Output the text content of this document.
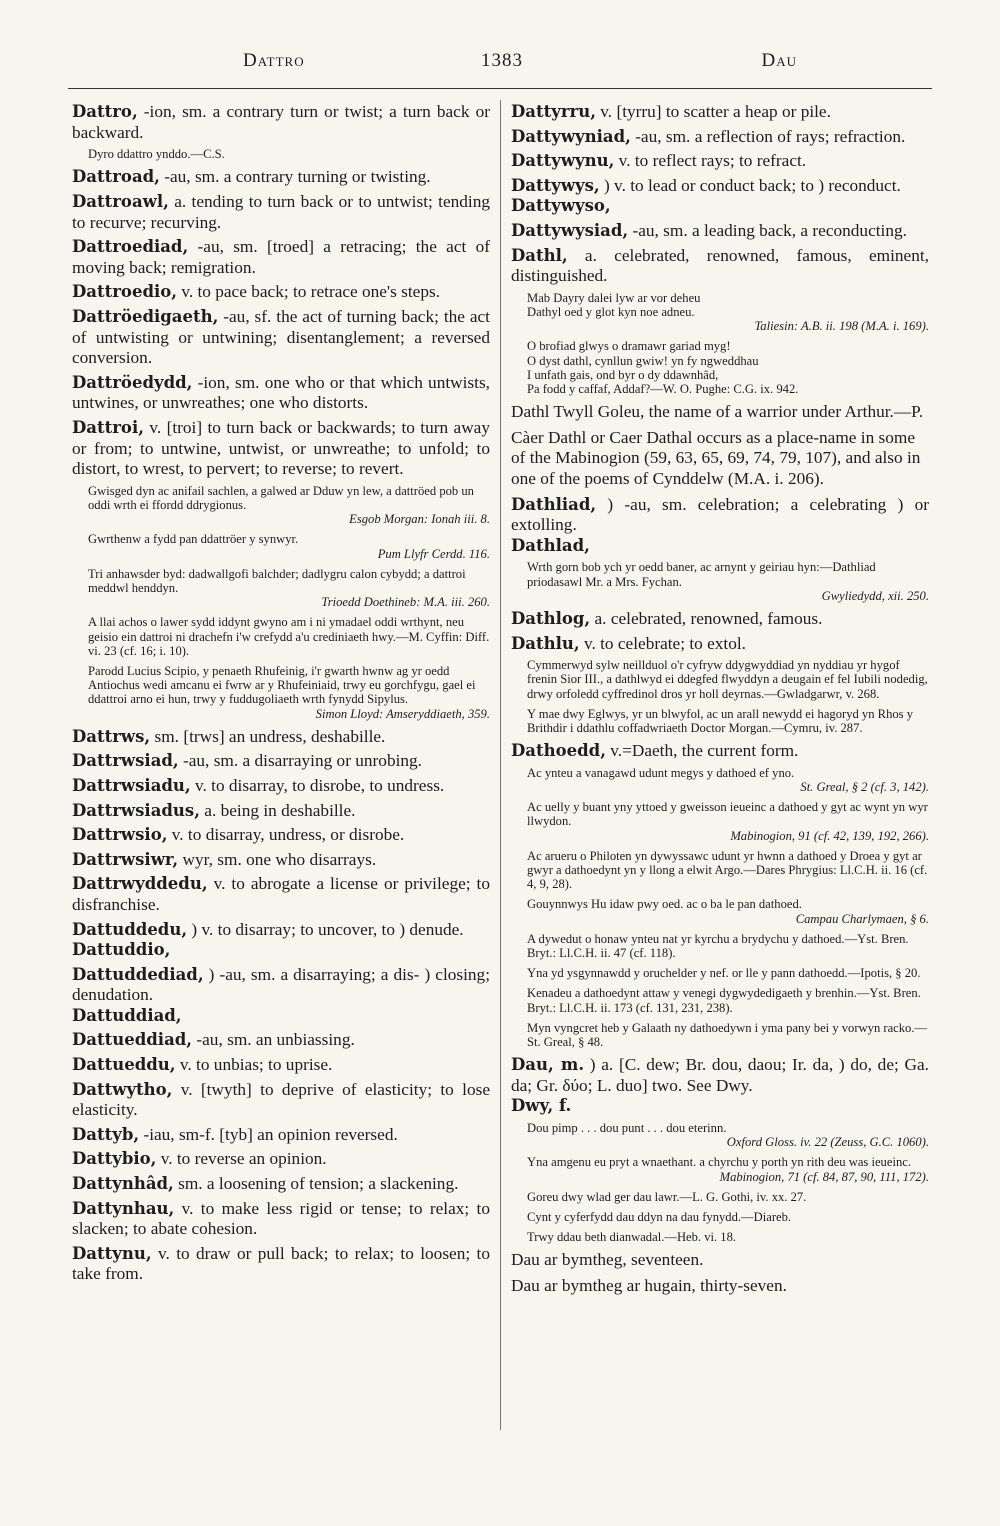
Dattro	1383	Dau
Dattro, -ion, sm. a contrary turn or twist; a turn back or backward.
Dyro ddattro ynddo.—C.S.
Dattroad, -au, sm. a contrary turning or twisting.
Dattroawl, a. tending to turn back or to untwist; tending to recurve; recurving.
Dattroediad, -au, sm. [troed] a retracing; the act of moving back; remigration.
Dattroedio, v. to pace back; to retrace one's steps.
Dattröedigaeth, -au, sf. the act of turning back; the act of untwisting or untwining; disentanglement; a reversed conversion.
Dattröedydd, -ion, sm. one who or that which untwists, untwines, or unwreathes; one who distorts.
Dattroi, v. [troi] to turn back or backwards; to turn away or from; to untwine, untwist, or unwreathe; to unfold; to distort, to wrest, to pervert; to reverse; to revert.
Gwisged dyn ac anifail sachlen, a galwed ar Dduw yn lew, a dattröed pob un oddi wrth ei ffordd ddrygionus.
Esgob Morgan: Ionah iii. 8.
Gwrthenw a fydd pan ddattröer y synwyr.
Pum Llyfr Cerdd. 116.
Tri anhawsder byd: dadwallgofi balchder; dadlygru calon cybydd; a dattroi meddwl henddyn.
Trioedd Doethineb: M.A. iii. 260.
A llai achos o lawer sydd iddynt gwyno am i ni ymadael oddi wrthynt, neu geisio ein dattroi ni drachefn i'w crefydd a'u crediniaeth hwy.—M. Cyffin: Diff. vi. 23 (cf. 16; i. 10).
Parodd Lucius Scipio, y penaeth Rhufeinig, i'r gwarth hwnw ag yr oedd Antiochus wedi amcanu ei fwrw ar y Rhufeiniaid, trwy eu gorchfygu, gael ei ddattroi arno ei hun, trwy y fuddugoliaeth wrth fynydd Sipylus.
Simon Lloyd: Amseryddiaeth, 359.
Dattrws, sm. [trws] an undress, deshabille.
Dattrwsiad, -au, sm. a disarraying or unrobing.
Dattrwsiadu, v. to disarray, to disrobe, to undress.
Dattrwsiadus, a. being in deshabille.
Dattrwsio, v. to disarray, undress, or disrobe.
Dattrwsiwr, wyr, sm. one who disarrays.
Dattrwyddedu, v. to abrogate a license or privilege; to disfranchise.
Dattuddedu, ) v. to disarray; to uncover, to ) denude.
Dattuddio,
Dattuddediad, ) -au, sm. a disarraying; a dis- ) closing; denudation.
Dattuddiad,
Dattueddiad, -au, sm. an unbiassing.
Dattueddu, v. to unbias; to uprise.
Dattwytho, v. [twyth] to deprive of elasticity; to lose elasticity.
Dattyb, -iau, sm-f. [tyb] an opinion reversed.
Dattybio, v. to reverse an opinion.
Dattynhâd, sm. a loosening of tension; a slackening.
Dattynhau, v. to make less rigid or tense; to relax; to slacken; to abate cohesion.
Dattynu, v. to draw or pull back; to relax; to loosen; to take from.
Dattyrru, v. [tyrru] to scatter a heap or pile.
Dattywyniad, -au, sm. a reflection of rays; refraction.
Dattywynu, v. to reflect rays; to refract.
Dattywys, ) v. to lead or conduct back; to ) reconduct.
Dattywyso,
Dattywysiad, -au, sm. a leading back, a reconducting.
Dathl, a. celebrated, renowned, famous, eminent, distinguished.
Mab Dayry dalei lyw ar vor deheu
Dathyl oed y glot kyn noe adneu.
Taliesin: A.B. ii. 198 (M.A. i. 169).
O brofiad glwys o dramawr gariad myg!
O dyst dathl, cynllun gwiw! yn fy ngweddhau
I unfath gais, ond byr o dy ddawnhâd,
Pa fodd y caffaf, Addaf?—W. O. Pughe: C.G. ix. 942.
Dathl Twyll Goleu, the name of a warrior under Arthur.—P.
Càer Dathl or Caer Dathal occurs as a place-name in some of the Mabinogion (59, 63, 65, 69, 74, 79, 107), and also in one of the poems of Cynddelw (M.A. i. 206).
Dathliad, ) -au, sm. celebration; a celebrating ) or extolling.
Dathlad,
Wrth gorn bob ych yr oedd baner, ac arnynt y geiriau hyn:—Dathliad priodasawl Mr. a Mrs. Fychan.
Gwyliedydd, xii. 250.
Dathlog, a. celebrated, renowned, famous.
Dathlu, v. to celebrate; to extol.
Cymmerwyd sylw neillduol o'r cyfryw ddygwyddiad yn nyddiau yr hygof frenin Sior III., a dathlwyd ei ddegfed flwyddyn a deugain ef fel Iubili nodedig, drwy orfoledd cyffredinol dros yr holl deyrnas.—Gwladgarwr, v. 268.
Y mae dwy Eglwys, yr un blwyfol, ac un arall newydd ei hagoryd yn Rhos y Brithdir i ddathlu coffadwriaeth Doctor Morgan.—Cymru, iv. 287.
Dathoedd, v.=Daeth, the current form.
Ac ynteu a vanagawd udunt megys y dathoed ef yno.
St. Greal, § 2 (cf. 3, 142).
Ac uelly y buant yny yttoed y gweisson ieueinc a dathoed y gyt ac wynt yn wyr llwydon.
Mabinogion, 91 (cf. 42, 139, 192, 266).
Ac arueru o Philoten yn dywyssawc udunt yr hwnn a dathoed y Droea y gyt ar gwyr a dathoedynt yn y llong a elwit Argo.—Dares Phrygius: Ll.C.H. ii. 16 (cf. 4, 9, 28).
Gouynnwys Hu idaw pwy oed. ac o ba le pan dathoed.
Campau Charlymaen, § 6.
A dywedut o honaw ynteu nat yr kyrchu a brydychu y dathoed.—Yst. Bren. Bryt.: Ll.C.H. ii. 47 (cf. 118).
Yna yd ysgynnawdd y oruchelder y nef. or lle y pann dathoedd.—Ipotis, § 20.
Kenadeu a dathoedynt attaw y venegi dygwydedigaeth y brenhin.—Yst. Bren. Bryt.: Ll.C.H. ii. 173 (cf. 131, 231, 238).
Myn vyngcret heb y Galaath ny dathoedywn i yma pany bei y vorwyn racko.—St. Greal, § 48.
Dau, m. ) a. [C. dew; Br. dou, daou; Ir. da, ) do, de; Ga. da; Gr. δύο; L. duo] two. See Dwy.
Dwy, f.
Dou pimp . . . dou punt . . . dou eterinn.
Oxford Gloss. iv. 22 (Zeuss, G.C. 1060).
Yna amgenu eu pryt a wnaethant. a chyrchu y porth yn rith deu was ieueinc.
Mabinogion, 71 (cf. 84, 87, 90, 111, 172).
Goreu dwy wlad ger dau lawr.—L. G. Gothi, iv. xx. 27.
Cynt y cyferfydd dau ddyn na dau fynydd.—Diareb.
Trwy ddau beth dianwadal.—Heb. vi. 18.
Dau ar bymtheg, seventeen.
Dau ar bymtheg ar hugain, thirty-seven.
